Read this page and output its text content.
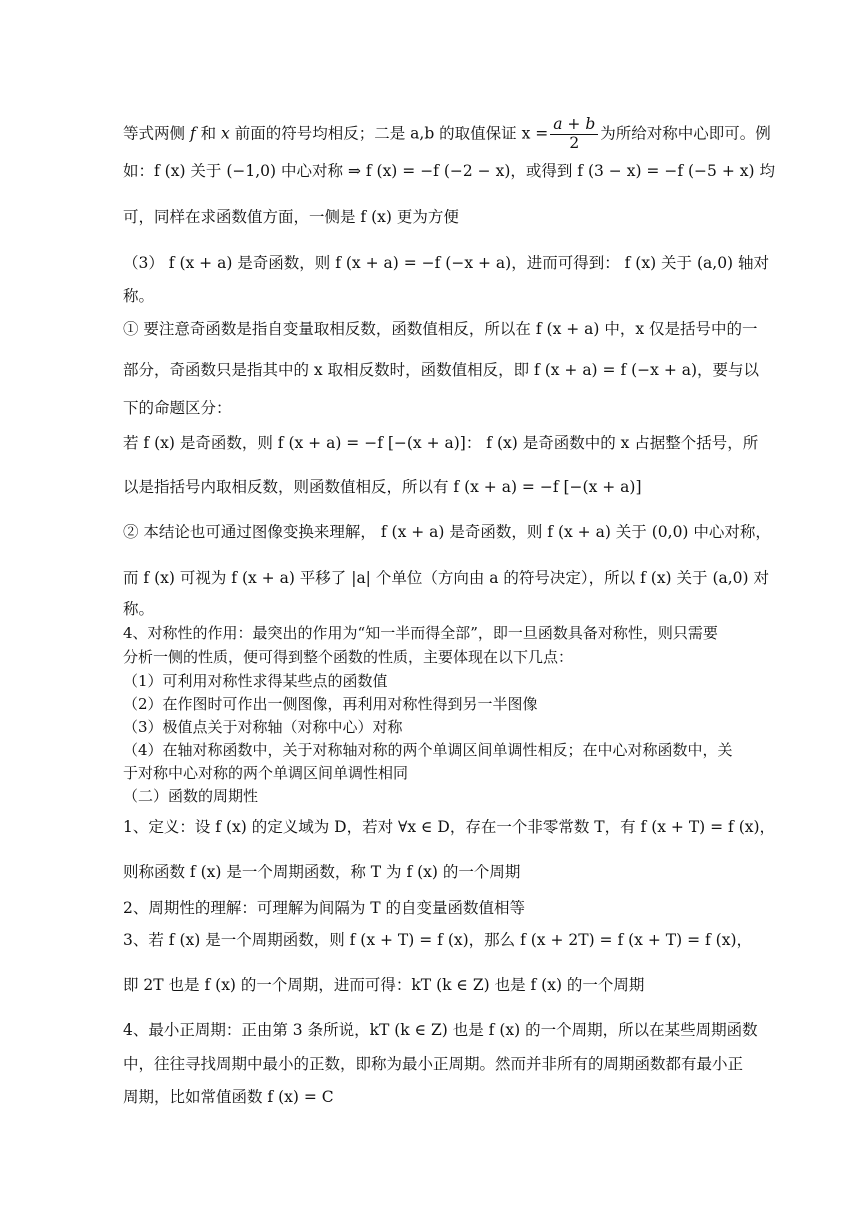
等式两侧 f 和 x 前面的符号均相反；二是 a,b 的取值保证 $x = \frac{a + b}{2}$ 为所给对称中心即可。例
如：f (x) 关于 (−1,0) 中心对称 ⇒ f (x) = −f (−2 − x)，或得到 f (3 − x) = −f (−5 + x) 均
可，同样在求函数值方面，一侧是 f (x) 更为方便
（3） f (x + a) 是奇函数，则 f (x + a) = −f (−x + a)，进而可得到： f (x) 关于 (a,0) 轴对
称。
① 要注意奇函数是指自变量取相反数，函数值相反，所以在 f (x + a) 中，x 仅是括号中的一
部分，奇函数只是指其中的 x 取相反数时，函数值相反，即 f (x + a) = f (−x + a)，要与以
下的命题区分：
若 f (x) 是奇函数，则 f (x + a) = −f [−(x + a)]： f (x) 是奇函数中的 x 占据整个括号，所
以是指括号内取相反数，则函数值相反，所以有 f (x + a) = −f [−(x + a)]
② 本结论也可通过图像变换来理解， f (x + a) 是奇函数，则 f (x + a) 关于 (0,0) 中心对称，
而 f (x) 可视为 f (x + a) 平移了 |a| 个单位（方向由 a 的符号决定），所以 f (x) 关于 (a,0) 对
称。
4、对称性的作用：最突出的作用为“知一半而得全部”，即一旦函数具备对称性，则只需要
分析一侧的性质，便可得到整个函数的性质，主要体现在以下几点：
（1）可利用对称性求得某些点的函数值
（2）在作图时可作出一侧图像，再利用对称性得到另一半图像
（3）极值点关于对称轴（对称中心）对称
（4）在轴对称函数中，关于对称轴对称的两个单调区间单调性相反；在中心对称函数中，关
于对称中心对称的两个单调区间单调性相同
（二）函数的周期性
1、定义：设 f (x) 的定义域为 D，若对 ∀x ∈ D，存在一个非零常数 T，有 f (x + T) = f (x)，
则称函数 f (x) 是一个周期函数，称 T 为 f (x) 的一个周期
2、周期性的理解：可理解为间隔为 T 的自变量函数值相等
3、若 f (x) 是一个周期函数，则 f (x + T) = f (x)，那么 f (x + 2T) = f (x + T) = f (x)，
即 2T 也是 f (x) 的一个周期，进而可得：kT (k ∈ Z) 也是 f (x) 的一个周期
4、最小正周期：正由第 3 条所说，kT (k ∈ Z) 也是 f (x) 的一个周期，所以在某些周期函数
中，往往寻找周期中最小的正数，即称为最小正周期。然而并非所有的周期函数都有最小正
周期，比如常值函数 f (x) = C
